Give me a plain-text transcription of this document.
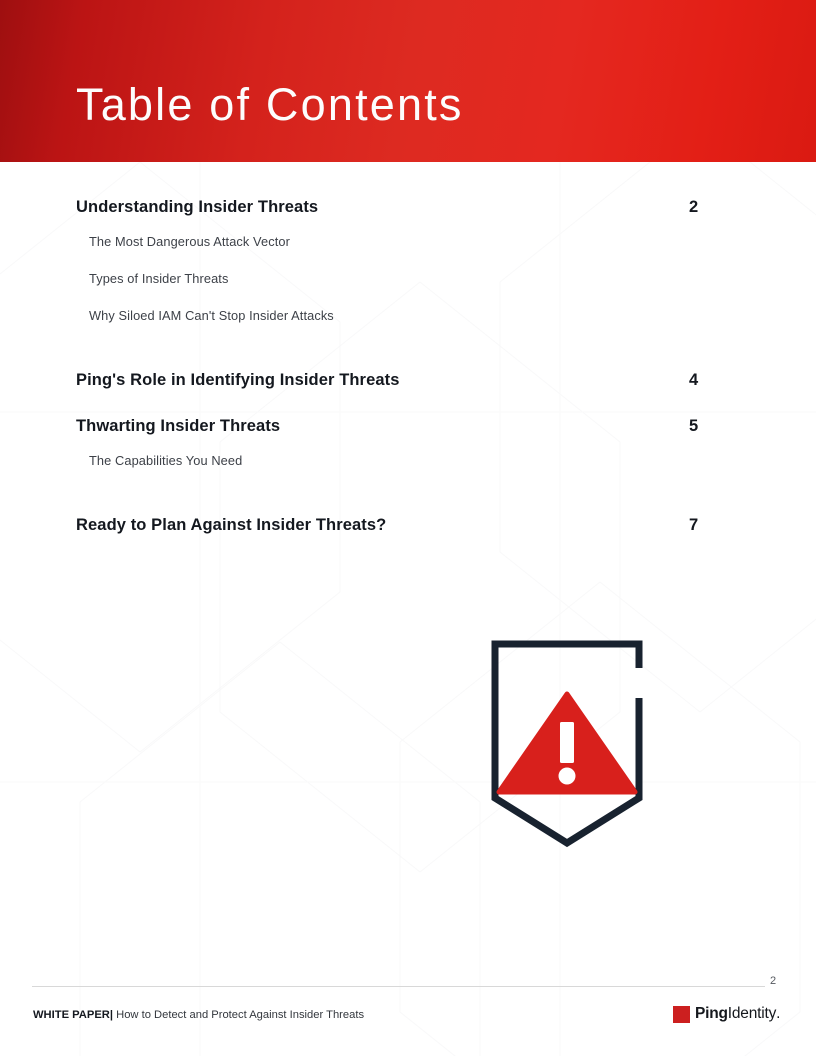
Table of Contents
Understanding Insider Threats	2
The Most Dangerous Attack Vector
Types of Insider Threats
Why Siloed IAM Can't Stop Insider Attacks
Ping's Role in Identifying Insider Threats	4
Thwarting Insider Threats	5
The Capabilities You Need
Ready to Plan Against Insider Threats?	7
2
WHITE PAPER| How to Detect and Protect Against Insider Threats	Ping Identity .
